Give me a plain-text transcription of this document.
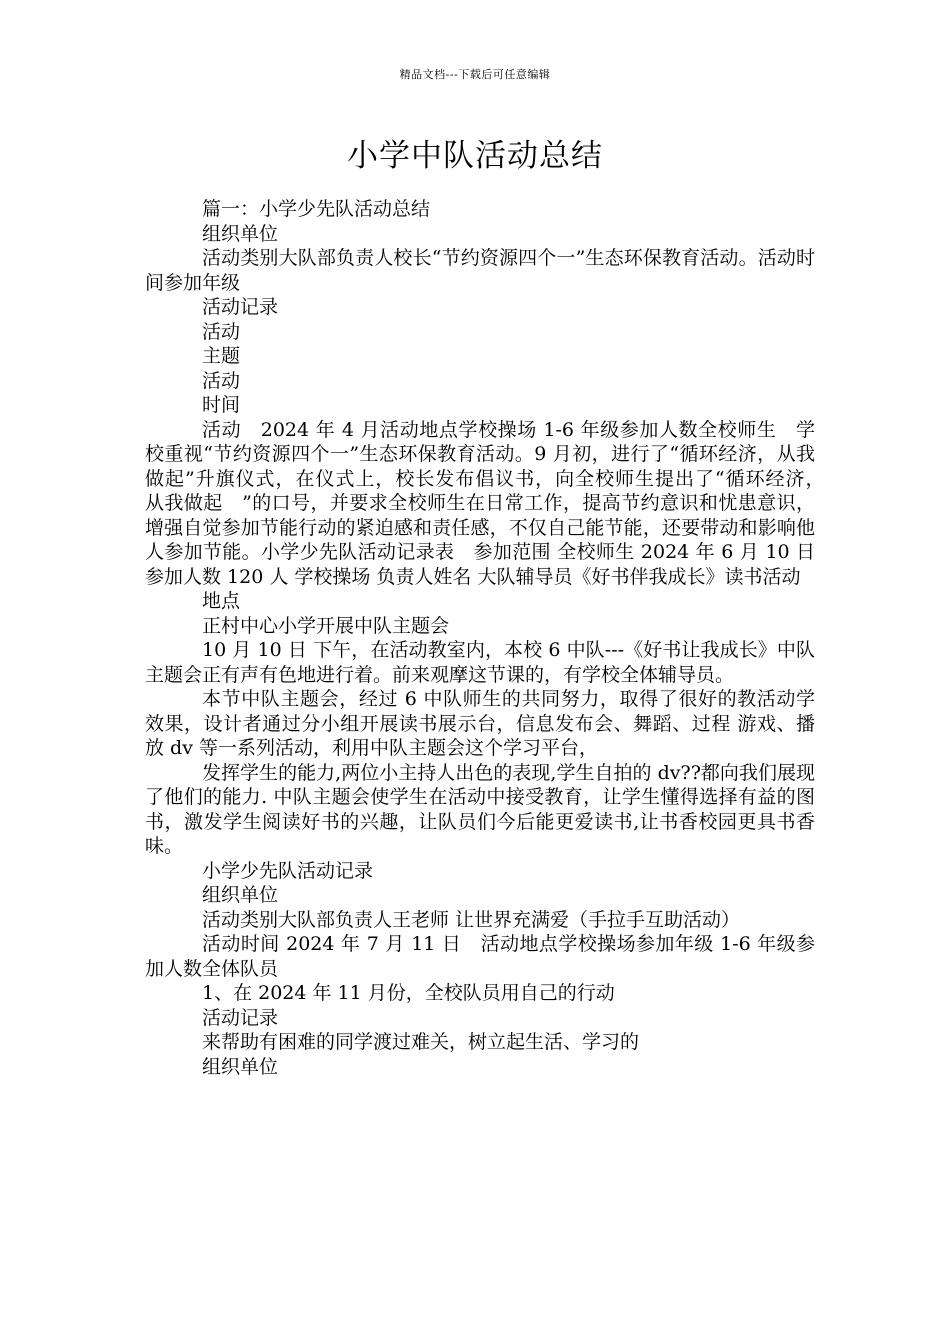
精品文档---下载后可任意编辑
小学中队活动总结

篇一：小学少先队活动总结

组织单位

活动类别大队部负责人校长“节约资源四个一”生态环保教育活动。活动时间参加年级

活动记录

活动

主题

活动

时间

活动　2024 年 4 月活动地点学校操场 1-6 年级参加人数全校师生　学校重视“节约资源四个一”生态环保教育活动。9 月初，进行了“循环经济，从我做起”升旗仪式，在仪式上，校长发布倡议书，向全校师生提出了“循环经济，　从我做起　”的口号，并要求全校师生在日常工作，提高节约意识和忧患意识，增强自觉参加节能行动的紧迫感和责任感，不仅自己能节能，还要带动和影响他人参加节能。小学少先队活动记录表　参加范围 全校师生 2024 年 6 月 10 日 参加人数 120 人 学校操场 负责人姓名 大队辅导员《好书伴我成长》读书活动

地点

正村中心小学开展中队主题会

10 月 10 日 下午，在活动教室内，本校 6 中队---《好书让我成长》中队主题会正有声有色地进行着。前来观摩这节课的，有学校全体辅导员。

本节中队主题会，经过 6 中队师生的共同努力，取得了很好的教活动学效果，设计者通过分小组开展读书展示台，信息发布会、舞蹈、过程 游戏、播放 dv 等一系列活动，利用中队主题会这个学习平台，

发挥学生的能力,两位小主持人出色的表现,学生自拍的 dv??都向我们展现了他们的能力. 中队主题会使学生在活动中接受教育，让学生懂得选择有益的图书，激发学生阅读好书的兴趣，让队员们今后能更爱读书,让书香校园更具书香味。

小学少先队活动记录

组织单位

活动类别大队部负责人王老师 让世界充满爱（手拉手互助活动）

活动时间 2024 年 7 月 11 日　活动地点学校操场参加年级 1-6 年级参加人数全体队员

1、在 2024 年 11 月份，全校队员用自己的行动

活动记录

来帮助有困难的同学渡过难关，树立起生活、学习的

组织单位
